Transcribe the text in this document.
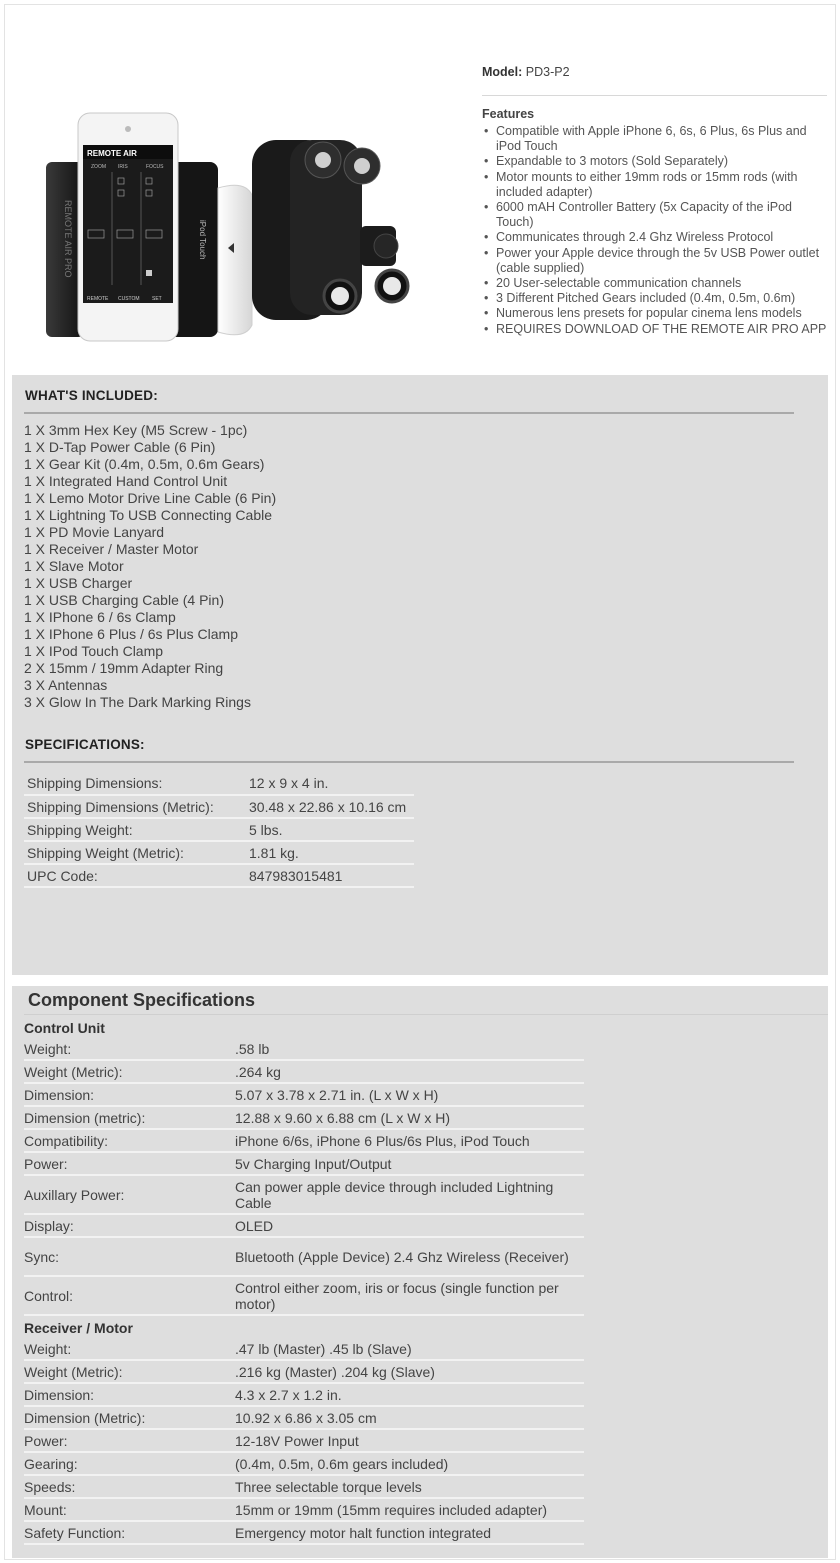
REMOTE AIR PRO
REMOTE AIR
ZOOM IRIS	FOCUS
REMOTE CUSTOM SET
iPod Touch
Model: PD3-P2
Features
• Compatible with Apple iPhone 6, 6s, 6 Plus, 6s Plus and iPod Touch
• Expandable to 3 motors (Sold Separately)
• Motor mounts to either 19mm rods or 15mm rods (with included adapter)
• 6000 mAH Controller Battery (5x Capacity of the iPod Touch)
• Communicates through 2.4 Ghz Wireless Protocol
• Power your Apple device through the 5v USB Power outlet (cable supplied)
• 20 User-selectable communication channels
• 3 Different Pitched Gears included (0.4m, 0.5m, 0.6m)
• Numerous lens presets for popular cinema lens models
• REQUIRES DOWNLOAD OF THE REMOTE AIR PRO APP
WHAT'S INCLUDED:
1 X 3mm Hex Key (M5 Screw - 1pc)
1 X D-Tap Power Cable (6 Pin)
1 X Gear Kit (0.4m, 0.5m, 0.6m Gears)
1 X Integrated Hand Control Unit
1 X Lemo Motor Drive Line Cable (6 Pin)
1 X Lightning To USB Connecting Cable
1 X PD Movie Lanyard
1 X Receiver / Master Motor
1 X Slave Motor
1 X USB Charger
1 X USB Charging Cable (4 Pin)
1 X IPhone 6 / 6s Clamp
1 X IPhone 6 Plus / 6s Plus Clamp
1 X IPod Touch Clamp
2 X 15mm / 19mm Adapter Ring
3 X Antennas
3 X Glow In The Dark Marking Rings
SPECIFICATIONS:
Shipping Dimensions:	12 x 9 x 4 in.
Shipping Dimensions (Metric):	30.48 x 22.86 x 10.16 cm
Shipping Weight:	5 lbs.
Shipping Weight (Metric):	1.81 kg.
UPC Code:	847983015481
Component Specifications
Control Unit
Weight:	.58 lb
Weight (Metric):	.264 kg
Dimension:	5.07 x 3.78 x 2.71 in. (L x W x H)
Dimension (metric):	12.88 x 9.60 x 6.88 cm (L x W x H)
Compatibility:	iPhone 6/6s, iPhone 6 Plus/6s Plus, iPod Touch
Power:	5v Charging Input/Output
Auxillary Power:	Can power apple device through included Lightning Cable
Display:	OLED
Sync:	Bluetooth (Apple Device) 2.4 Ghz Wireless (Receiver)
Control:	Control either zoom, iris or focus (single function per motor)
Receiver / Motor
Weight:	.47 lb (Master) .45 lb (Slave)
Weight (Metric):	.216 kg (Master) .204 kg (Slave)
Dimension:	4.3 x 2.7 x 1.2 in.
Dimension (Metric):	10.92 x 6.86 x 3.05 cm
Power:	12-18V Power Input
Gearing:	(0.4m, 0.5m, 0.6m gears included)
Speeds:	Three selectable torque levels
Mount:	15mm or 19mm (15mm requires included adapter)
Safety Function:	Emergency motor halt function integrated
